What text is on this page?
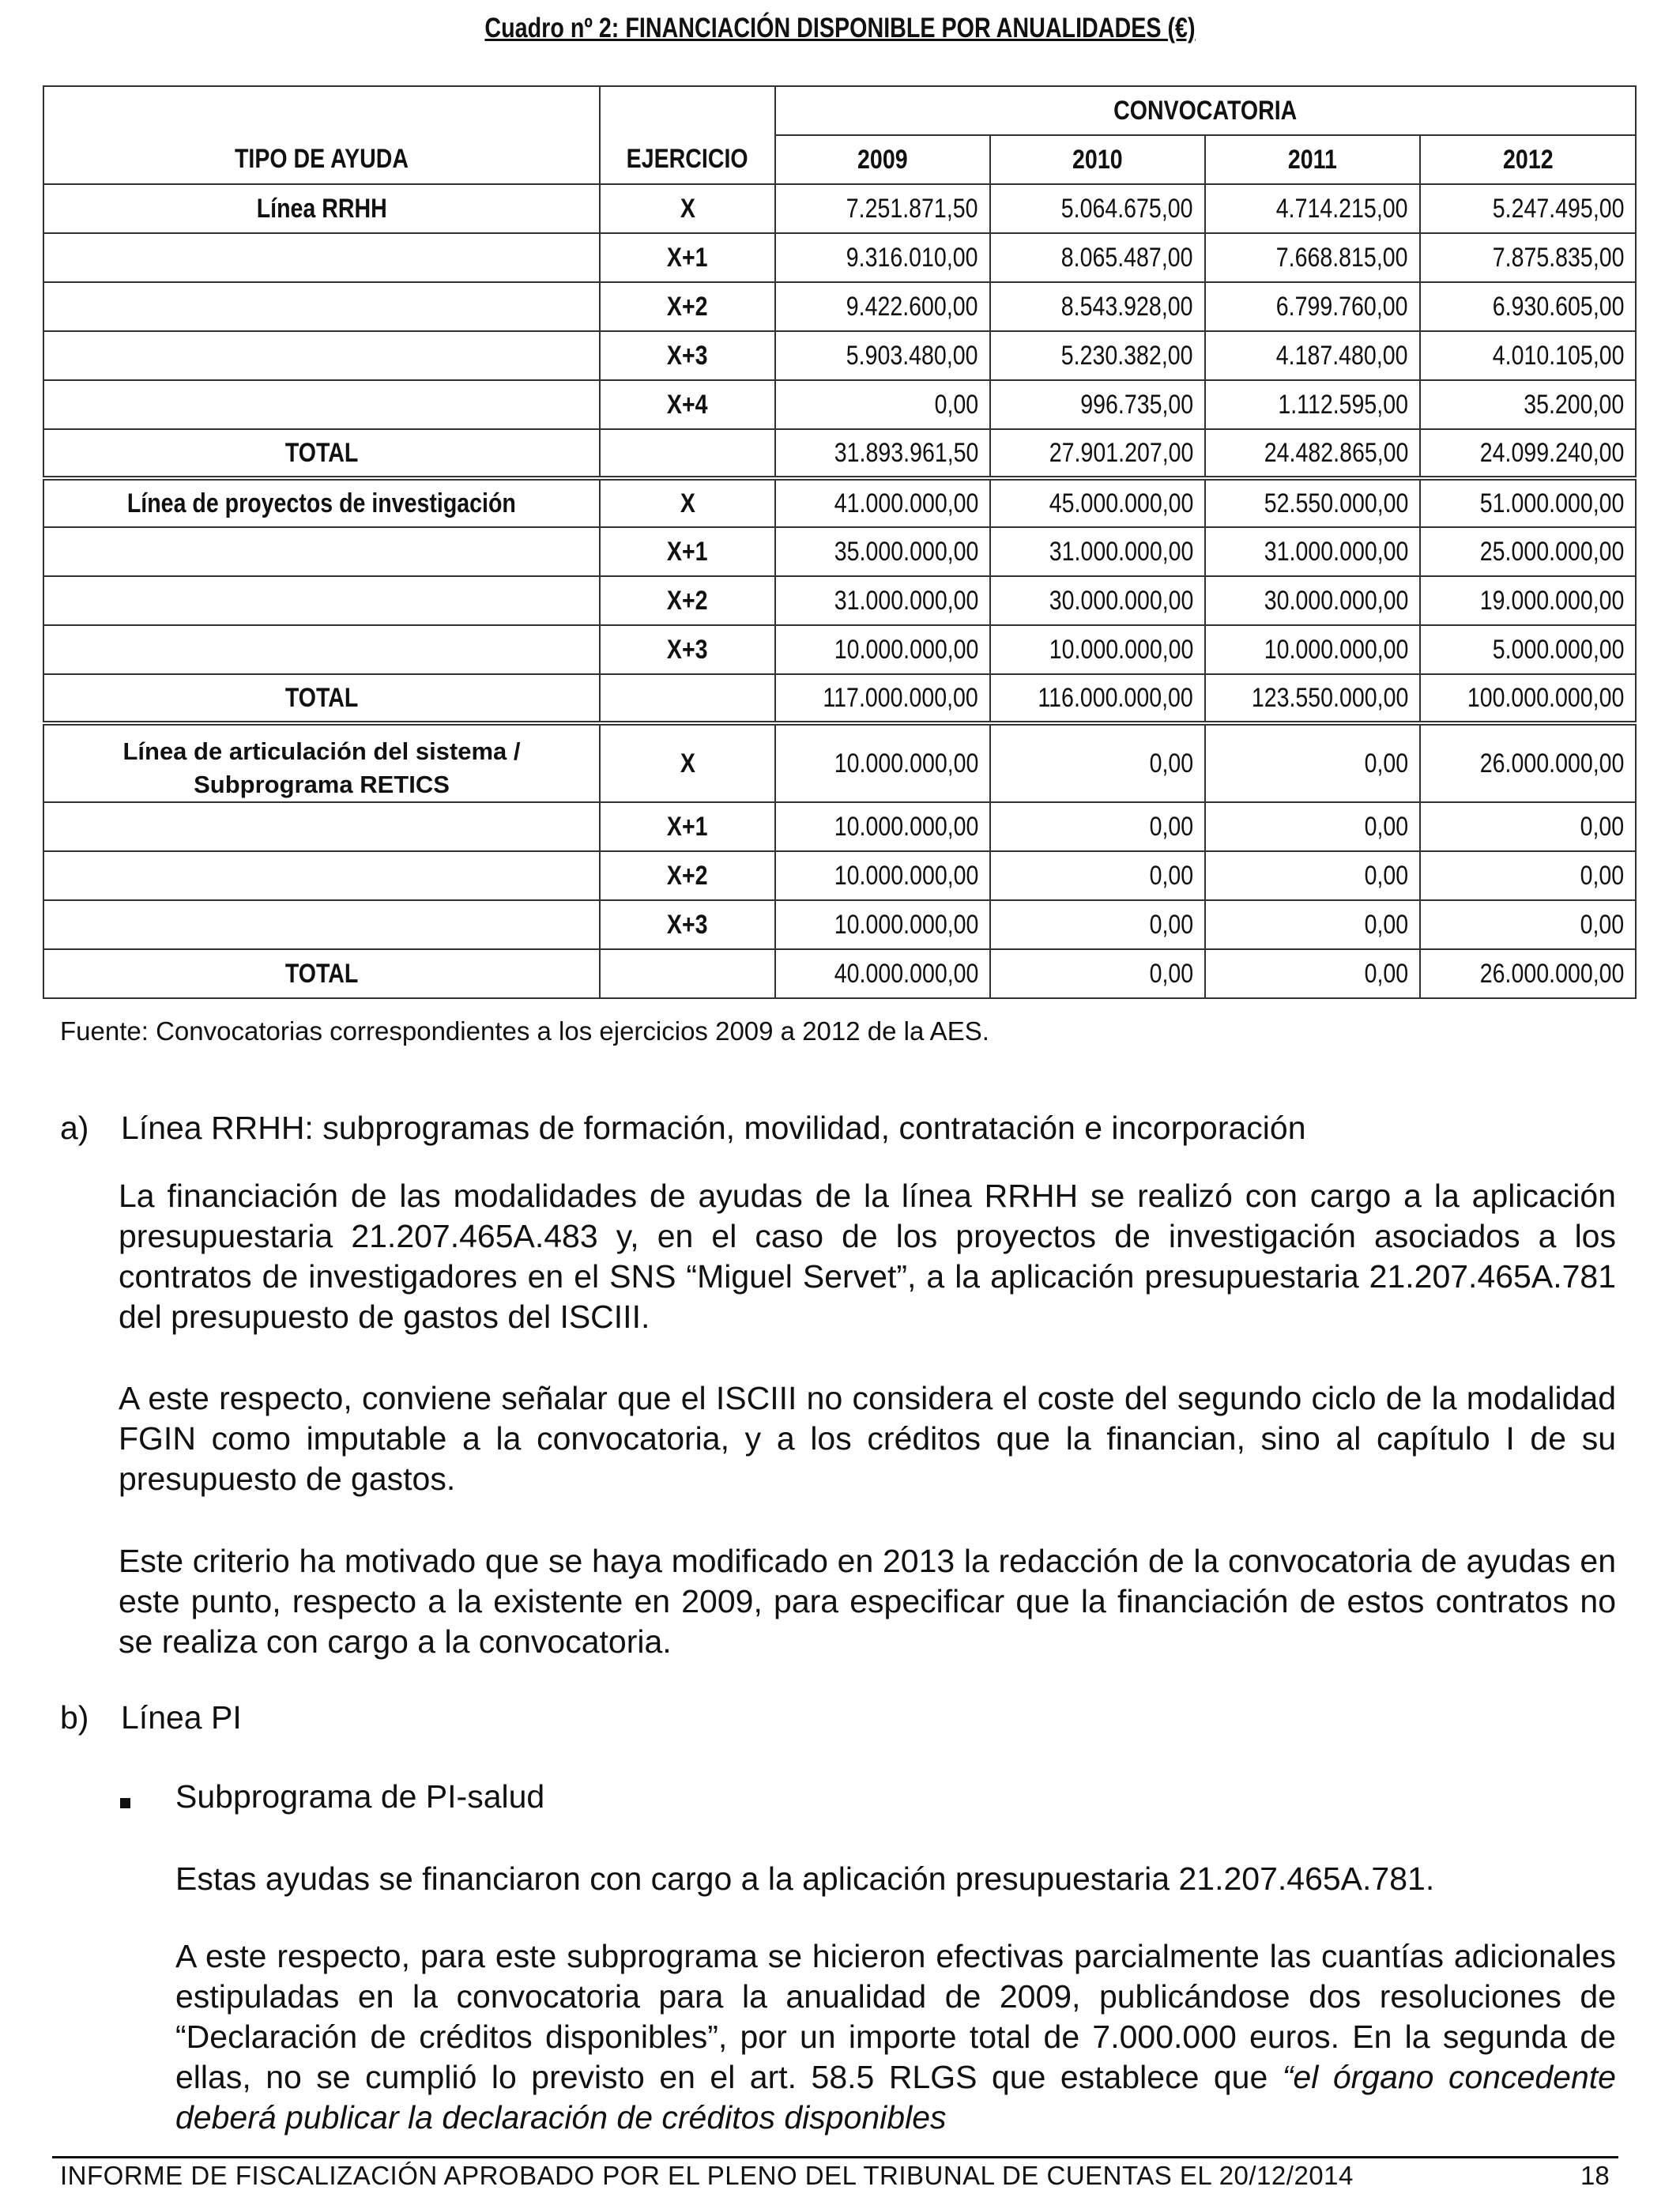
Cuadro nº 2: FINANCIACIÓN DISPONIBLE POR ANUALIDADES (€)
		CONVOCATORIA			
TIPO DE AYUDA	EJERCICIO	2009	2010	2011	2012
Línea RRHH	X	7.251.871,50	5.064.675,00	4.714.215,00	5.247.495,00
	X+1	9.316.010,00	8.065.487,00	7.668.815,00	7.875.835,00
	X+2	9.422.600,00	8.543.928,00	6.799.760,00	6.930.605,00
	X+3	5.903.480,00	5.230.382,00	4.187.480,00	4.010.105,00
	X+4	0,00	996.735,00	1.112.595,00	35.200,00
TOTAL		31.893.961,50	27.901.207,00	24.482.865,00	24.099.240,00
Línea de proyectos de investigación	X	41.000.000,00	45.000.000,00	52.550.000,00	51.000.000,00
	X+1	35.000.000,00	31.000.000,00	31.000.000,00	25.000.000,00
	X+2	31.000.000,00	30.000.000,00	30.000.000,00	19.000.000,00
	X+3	10.000.000,00	10.000.000,00	10.000.000,00	5.000.000,00
TOTAL		117.000.000,00	116.000.000,00	123.550.000,00	100.000.000,00
Línea de articulación del sistema / Subprograma RETICS	X	10.000.000,00	0,00	0,00	26.000.000,00
	X+1	10.000.000,00	0,00	0,00	0,00
	X+2	10.000.000,00	0,00	0,00	0,00
	X+3	10.000.000,00	0,00	0,00	0,00
TOTAL		40.000.000,00	0,00	0,00	26.000.000,00
Fuente: Convocatorias correspondientes a los ejercicios 2009 a 2012 de la AES.
a) Línea RRHH: subprogramas de formación, movilidad, contratación e incorporación
La financiación de las modalidades de ayudas de la línea RRHH se realizó con cargo a la aplicación presupuestaria 21.207.465A.483 y, en el caso de los proyectos de investigación asociados a los contratos de investigadores en el SNS “Miguel Servet”, a la aplicación presupuestaria 21.207.465A.781 del presupuesto de gastos del ISCIII.
A este respecto, conviene señalar que el ISCIII no considera el coste del segundo ciclo de la modalidad FGIN como imputable a la convocatoria, y a los créditos que la financian, sino al capítulo I de su presupuesto de gastos.
Este criterio ha motivado que se haya modificado en 2013 la redacción de la convocatoria de ayudas en este punto, respecto a la existente en 2009, para especificar que la financiación de estos contratos no se realiza con cargo a la convocatoria.
b) Línea PI
Subprograma de PI-salud
Estas ayudas se financiaron con cargo a la aplicación presupuestaria 21.207.465A.781.
A este respecto, para este subprograma se hicieron efectivas parcialmente las cuantías adicionales estipuladas en la convocatoria para la anualidad de 2009, publicándose dos resoluciones de “Declaración de créditos disponibles”, por un importe total de 7.000.000 euros. En la segunda de ellas, no se cumplió lo previsto en el art. 58.5 RLGS que establece que “el órgano concedente deberá publicar la declaración de créditos disponibles
INFORME DE FISCALIZACIÓN APROBADO POR EL PLENO DEL TRIBUNAL DE CUENTAS EL 20/12/2014	18
